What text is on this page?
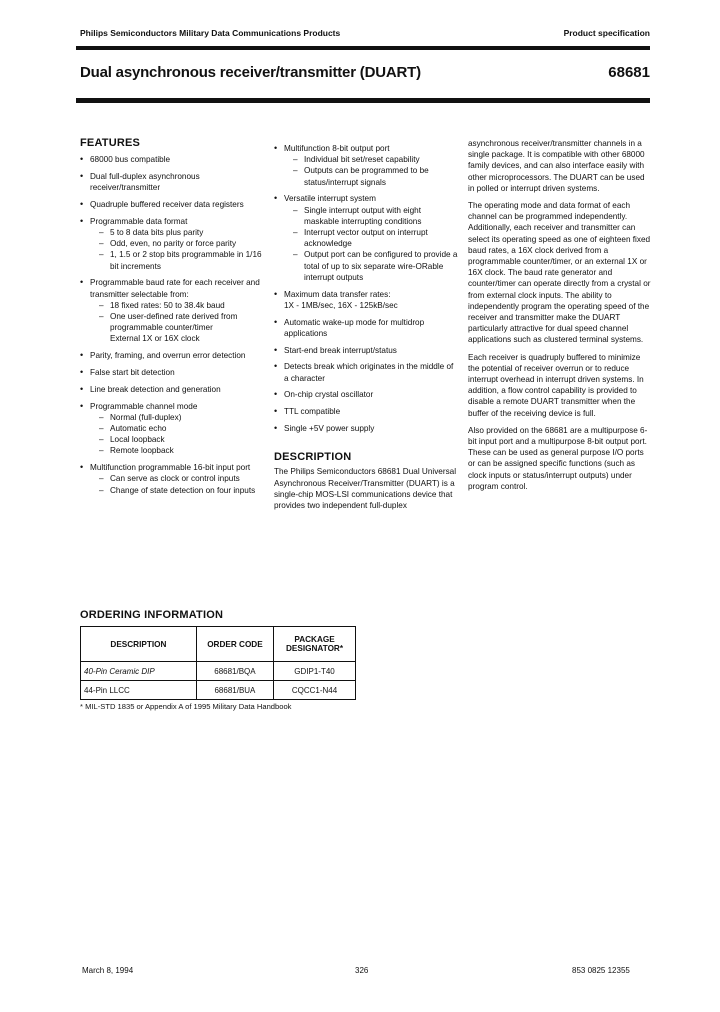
Philips Semiconductors Military Data Communications Products	Product specification
Dual asynchronous receiver/transmitter (DUART)	68681
FEATURES
• 68000 bus compatible
• Dual full-duplex asynchronous receiver/transmitter
• Quadruple buffered receiver data registers
• Programmable data format
– 5 to 8 data bits plus parity
– Odd, even, no parity or force parity
– 1, 1.5 or 2 stop bits programmable in 1/16 bit increments
• Programmable baud rate for each receiver and transmitter selectable from:
– 18 fixed rates: 50 to 38.4k baud
– One user-defined rate derived from programmable counter/timer
External 1X or 16X clock
• Parity, framing, and overrun error detection
• False start bit detection
• Line break detection and generation
• Programmable channel mode
– Normal (full-duplex)
– Automatic echo
– Local loopback
– Remote loopback
• Multifunction programmable 16-bit input port
– Can serve as clock or control inputs
– Change of state detection on four inputs
• Multifunction 8-bit output port
– Individual bit set/reset capability
– Outputs can be programmed to be status/interrupt signals
• Versatile interrupt system
– Single interrupt output with eight maskable interrupting conditions
– Interrupt vector output on interrupt acknowledge
– Output port can be configured to provide a total of up to six separate wire-ORable interrupt outputs
• Maximum data transfer rates:
1X - 1MB/sec, 16X - 125kB/sec
• Automatic wake-up mode for multidrop applications
• Start-end break interrupt/status
• Detects break which originates in the middle of a character
• On-chip crystal oscillator
• TTL compatible
• Single +5V power supply
DESCRIPTION
The Philips Semiconductors 68681 Dual Universal Asynchronous Receiver/Transmitter (DUART) is a single-chip MOS-LSI communications device that provides two independent full-duplex
asynchronous receiver/transmitter channels in a single package. It is compatible with other 68000 family devices, and can also interface easily with other microprocessors. The DUART can be used in polled or interrupt driven systems.
The operating mode and data format of each channel can be programmed independently. Additionally, each receiver and transmitter can select its operating speed as one of eighteen fixed baud rates, a 16X clock derived from a programmable counter/timer, or an external 1X or 16X clock. The baud rate generator and counter/timer can operate directly from a crystal or from external clock inputs. The ability to independently program the operating speed of the receiver and transmitter make the DUART particularly attractive for dual speed channel applications such as clustered terminal systems.
Each receiver is quadruply buffered to minimize the potential of receiver overrun or to reduce interrupt overhead in interrupt driven systems. In addition, a flow control capability is provided to disable a remote DUART transmitter when the buffer of the receiving device is full.
Also provided on the 68681 are a multipurpose 6-bit input port and a multipurpose 8-bit output port. These can be used as general purpose I/O ports or can be assigned specific functions (such as clock inputs or status/interrupt outputs) under program control.
ORDERING INFORMATION
DESCRIPTION	ORDER CODE	PACKAGE DESIGNATOR*
40-Pin Ceramic DIP	68681/BQA	GDIP1-T40
44-Pin LLCC	68681/BUA	CQCC1-N44
* MIL-STD 1835 or Appendix A of 1995 Military Data Handbook
March 8, 1994	326	853 0825 12355
